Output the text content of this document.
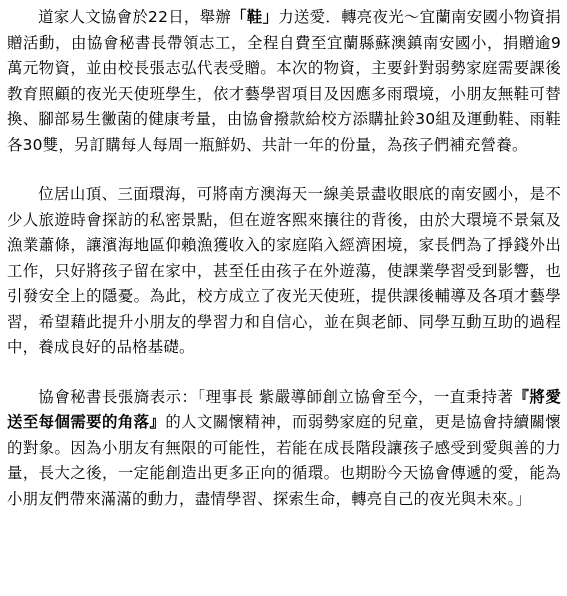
道家人文協會於22日，舉辦「鞋」力送愛．轉亮夜光～宜蘭南安國小物資捐贈活動，由協會秘書長帶領志工，全程自費至宜蘭縣蘇澳鎮南安國小，捐贈逾9萬元物資，並由校長張志弘代表受贈。本次的物資，主要針對弱勢家庭需要課後教育照顧的夜光天使班學生，依才藝學習項目及因應多雨環境，小朋友無鞋可替換、腳部易生黴菌的健康考量，由協會撥款給校方添購扯鈴30組及運動鞋、雨鞋各30雙，另訂購每人每周一瓶鮮奶、共計一年的份量，為孩子們補充營養。

位居山頂、三面環海，可將南方澳海天一線美景盡收眼底的南安國小，是不少人旅遊時會探訪的私密景點，但在遊客熙來攘往的背後，由於大環境不景氣及漁業蕭條，讓濱海地區仰賴漁獲收入的家庭陷入經濟困境，家長們為了掙錢外出工作，只好將孩子留在家中，甚至任由孩子在外遊蕩，使課業學習受到影響，也引發安全上的隱憂。為此，校方成立了夜光天使班，提供課後輔導及各項才藝學習，希望藉此提升小朋友的學習力和自信心，並在與老師、同學互動互助的過程中，養成良好的品格基礎。

協會秘書長張旖表示：「理事長 紫嚴導師創立協會至今，一直秉持著『將愛送至每個需要的角落』的人文關懷精神，而弱勢家庭的兒童，更是協會持續關懷的對象。因為小朋友有無限的可能性，若能在成長階段讓孩子感受到愛與善的力量，長大之後，一定能創造出更多正向的循環。也期盼今天協會傳遞的愛，能為小朋友們帶來滿滿的動力，盡情學習、探索生命，轉亮自己的夜光與未來。」
